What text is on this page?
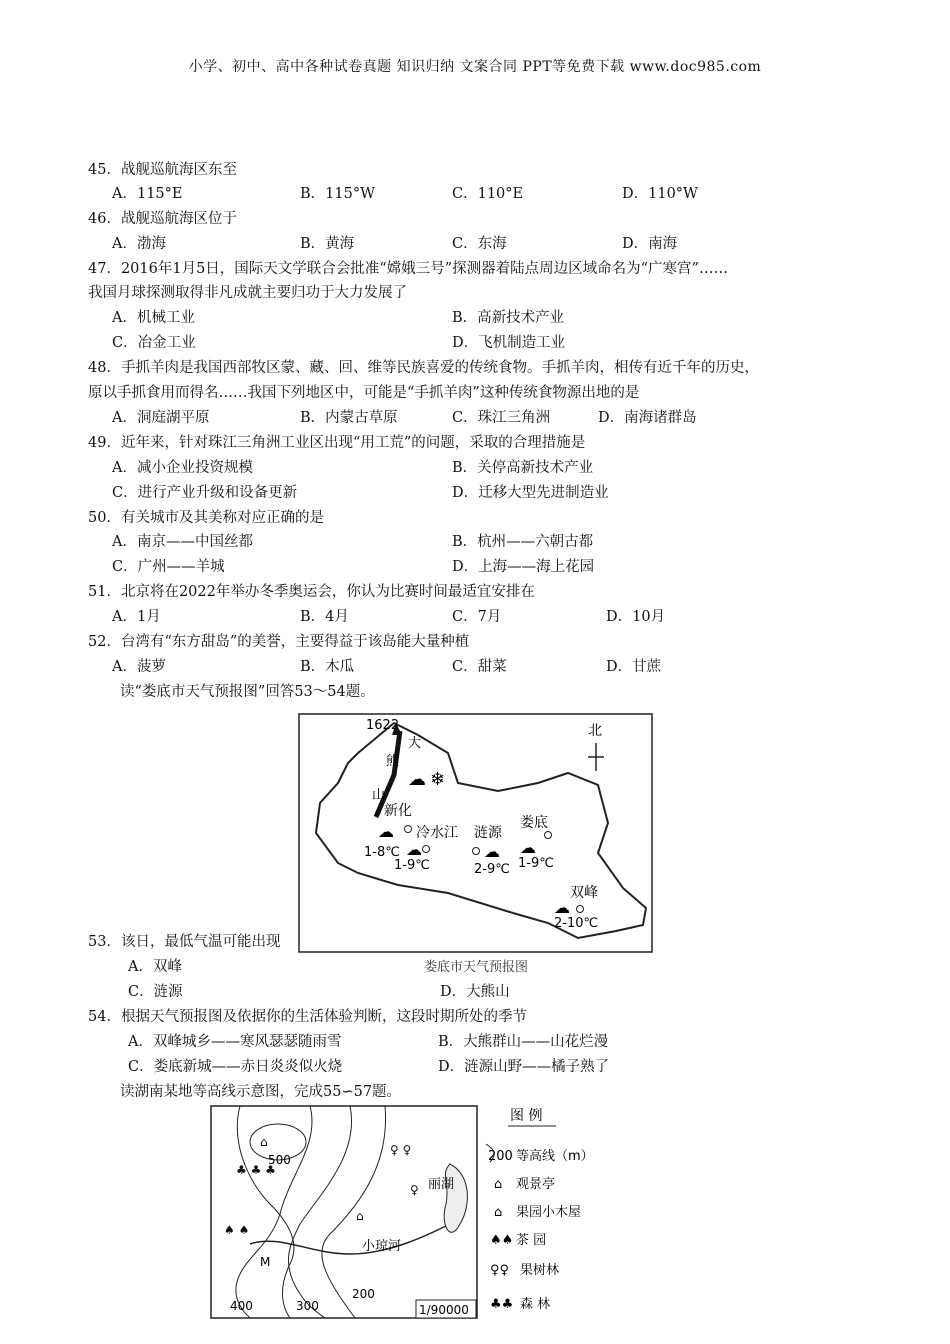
小学、初中、高中各种试卷真题 知识归纳 文案合同 PPT等免费下载 www.doc985.com
45．战舰巡航海区东至
A．115°E	B．115°W	C．110°E	D．110°W
46．战舰巡航海区位于
A．渤海	B．黄海	C．东海	D．南海
47．2016年1月5日，国际天文学联合会批准“嫦娥三号”探测器着陆点周边区域命名为“广寒宫”……
我国月球探测取得非凡成就主要归功于大力发展了
A．机械工业	B．高新技术产业
C．冶金工业	D．飞机制造工业
48．手抓羊肉是我国西部牧区蒙、藏、回、维等民族喜爱的传统食物。手抓羊肉，相传有近千年的历史，
原以手抓食用而得名……我国下列地区中，可能是“手抓羊肉”这种传统食物源出地的是
A．洞庭湖平原	B．内蒙古草原	C．珠江三角洲	D．南海诸群岛
49．近年来，针对珠江三角洲工业区出现“用工荒”的问题，采取的合理措施是
A．减小企业投资规模	B．关停高新技术产业
C．进行产业升级和设备更新	D．迁移大型先进制造业
50．有关城市及其美称对应正确的是
A．南京——中国丝都	B．杭州——六朝古都
C．广州——羊城	D．上海——海上花园
51．北京将在2022年举办冬季奥运会，你认为比赛时间最适宜安排在
A．1月	B．4月	C．7月	D．10月
52．台湾有“东方甜岛”的美誉，主要得益于该岛能大量种植
A．菠萝	B．木瓜	C．甜菜	D．甘蔗
读“娄底市天气预报图”回答53～54题。
1622
大
熊
山
☁ ❄
北
新化
☁
1-8℃
冷水江
☁
1-9℃
涟源
☁
2-9℃
娄底
☁
1-9℃
双峰
☁
2-10℃
娄底市天气预报图
53．该日，最低气温可能出现
A．双峰
C．涟源	D．大熊山
54．根据天气预报图及依据你的生活体验判断，这段时期所处的季节
A．双峰城乡——寒风瑟瑟随雨雪	B．大熊群山——山花烂漫
C．娄底新城——赤日炎炎似火烧	D．涟源山野——橘子熟了
读湖南某地等高线示意图，完成55∽57题。
⌂
⌂
♣ ♣ ♣
♠ ♠
♀ ♀
♀
500
400	300
200
丽湖
小琼河
M
1/90000
图 例
200 等高线（m）
⌂ 观景亭
⌂ 果园小木屋
♠♠ 茶 园
♀♀ 果树林
♣♣ 森 林
